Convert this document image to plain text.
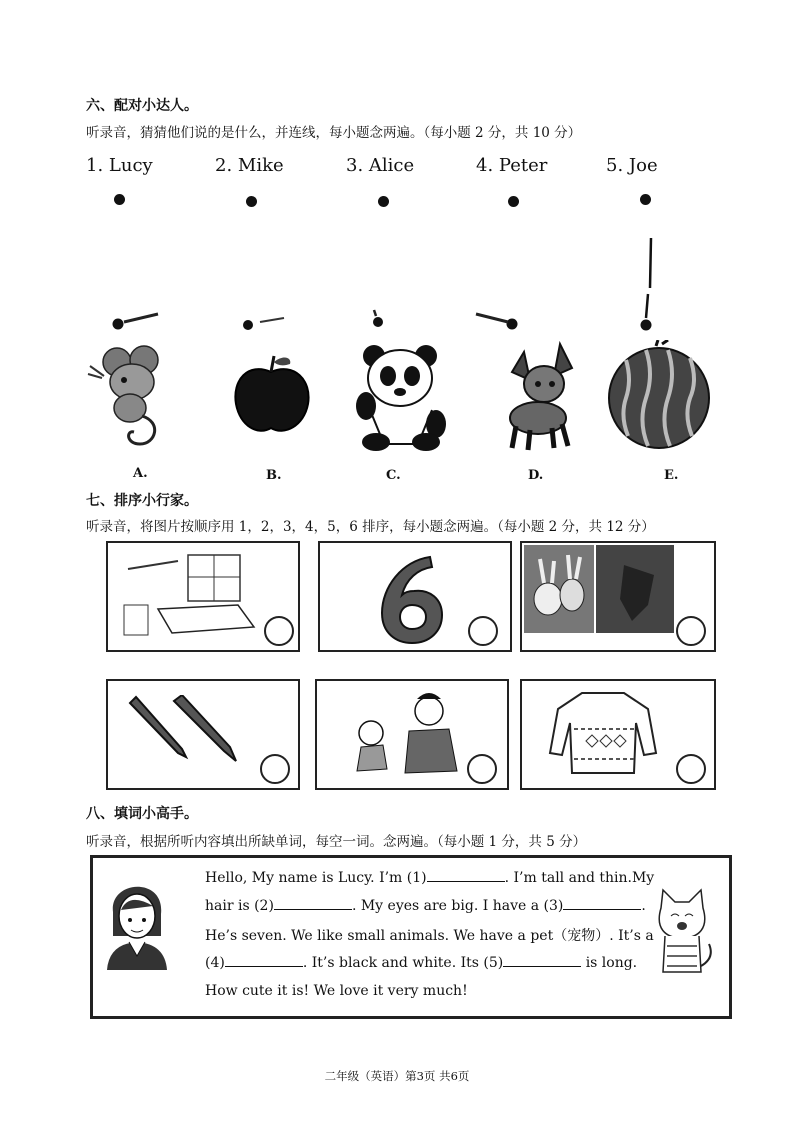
六、配对小达人。
听录音，猜猜他们说的是什么，并连线，每小题念两遍。（每小题 2 分，共 10 分）
1. Lucy	2. Mike	3. Alice	4. Peter	5. Joe
A.	B.	C.	D.	E.
七、排序小行家。
听录音，将图片按顺序用 1，2，3，4，5，6 排序，每小题念两遍。（每小题 2 分，共 12 分）
八、填词小高手。
听录音，根据所听内容填出所缺单词，每空一词。念两遍。（每小题 1 分，共 5 分）
Hello, My name is Lucy. I’m (1)	. I’m tall and thin.My
hair is (2)	. My eyes are big. I have a (3)	.
He’s seven. We like small animals. We have a pet（宠物）. It’s a
(4)	. It’s black and white. Its (5)	is long.
How cute it is! We love it very much!
二年级（英语）第3页 共6页
